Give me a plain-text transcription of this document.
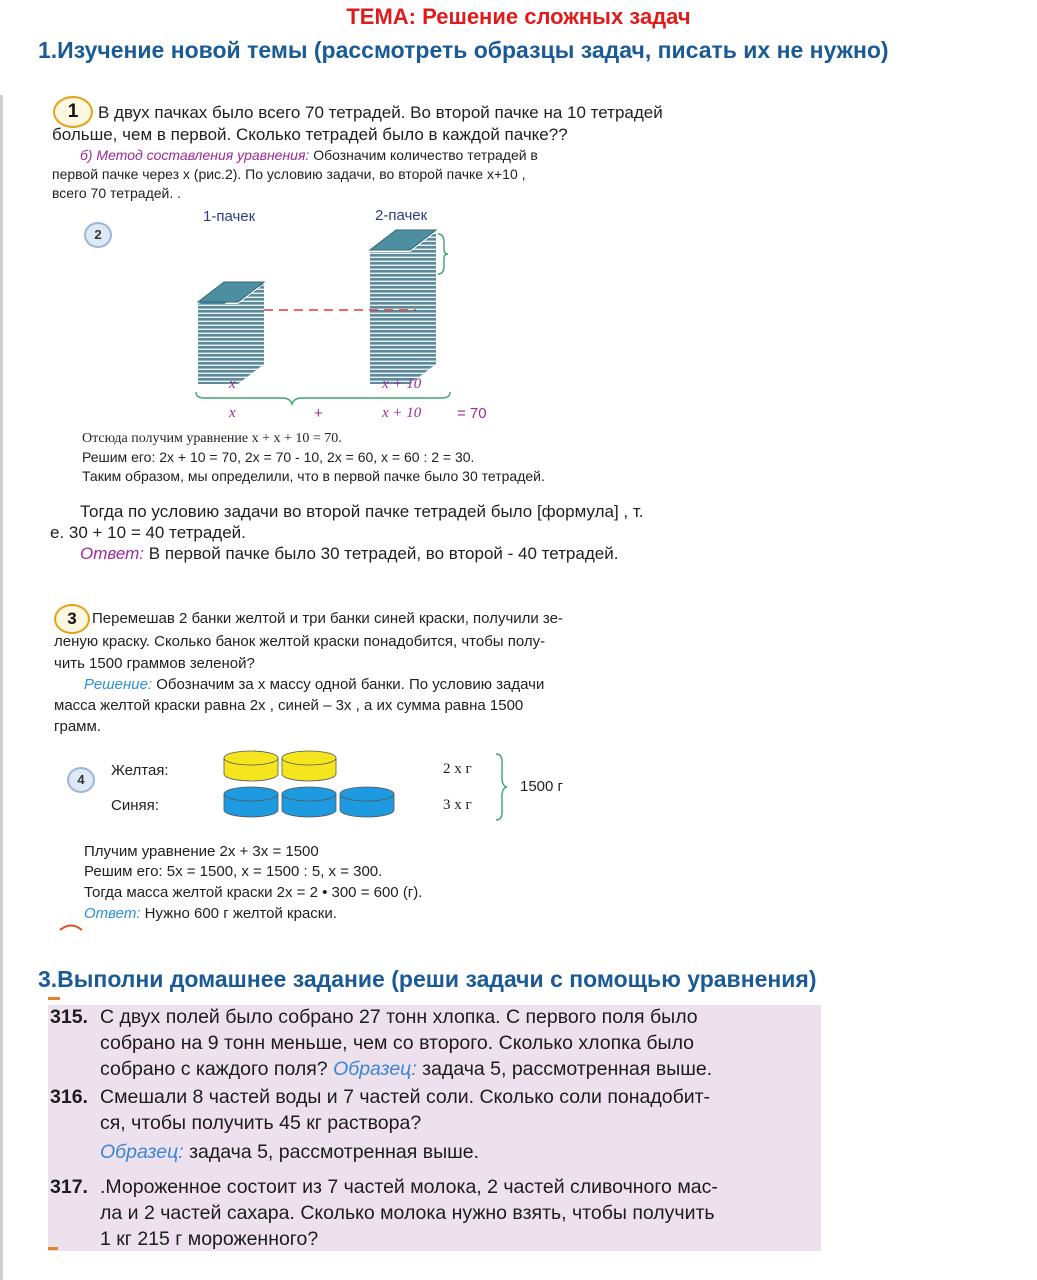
ТЕМА: Решение сложных задач
1.Изучение новой темы (рассмотреть образцы задач, писать их не нужно)
1	В двух пачках было всего 70 тетрадей. Во второй пачке на 10 тетрадей
больше, чем в первой. Сколько тетрадей было в каждой пачке??
б) Метод составления уравнения: Обозначим количество тетрадей в
первой пачке через x (рис.2). По условию задачи, во второй пачке x+10 ,
всего 70 тетрадей. .
2
1-пачек	2-пачек
x	x + 10
x	+	x + 10 = 70
Отсюда получим уравнение x + x + 10 = 70.
Решим его: 2x + 10 = 70, 2x = 70 - 10, 2x = 60, x = 60 : 2 = 30.
Таким образом, мы определили, что в первой пачке было 30 тетрадей.
Тогда по условию задачи во второй пачке тетрадей было [формула] , т.
е. 30 + 10 = 40 тетрадей.
Ответ: В первой пачке было 30 тетрадей, во второй - 40 тетрадей.
3	Перемешав 2 банки желтой и три банки синей краски, получили зе-
леную краску. Сколько банок желтой краски понадобится, чтобы полу-
чить 1500 граммов зеленой?
Решение: Обозначим за x массу одной банки. По условию задачи
масса желтой краски равна 2x , синей – 3x , а их сумма равна 1500
грамм.
4
Желтая:
Синяя:
2 x г
3 x г
1500 г
Плучим уравнение 2x + 3x = 1500
Решим его: 5x = 1500, x = 1500 : 5, x = 300.
Тогда масса желтой краски 2x = 2 • 300 = 600 (г).
Ответ: Нужно 600 г желтой краски.
3.Выполни домашнее задание (реши задачи с помощью уравнения)
315. С двух полей было собрано 27 тонн хлопка. С первого поля было
собрано на 9 тонн меньше, чем со второго. Сколько хлопка было
собрано с каждого поля? Образец: задача 5, рассмотренная выше.
316. Смешали 8 частей воды и 7 частей соли. Сколько соли понадобит-
ся, чтобы получить 45 кг раствора?
Образец: задача 5, рассмотренная выше.
317. .Мороженное состоит из 7 частей молока, 2 частей сливочного мас-
ла и 2 частей сахара. Сколько молока нужно взять, чтобы получить
1 кг 215 г мороженного?
